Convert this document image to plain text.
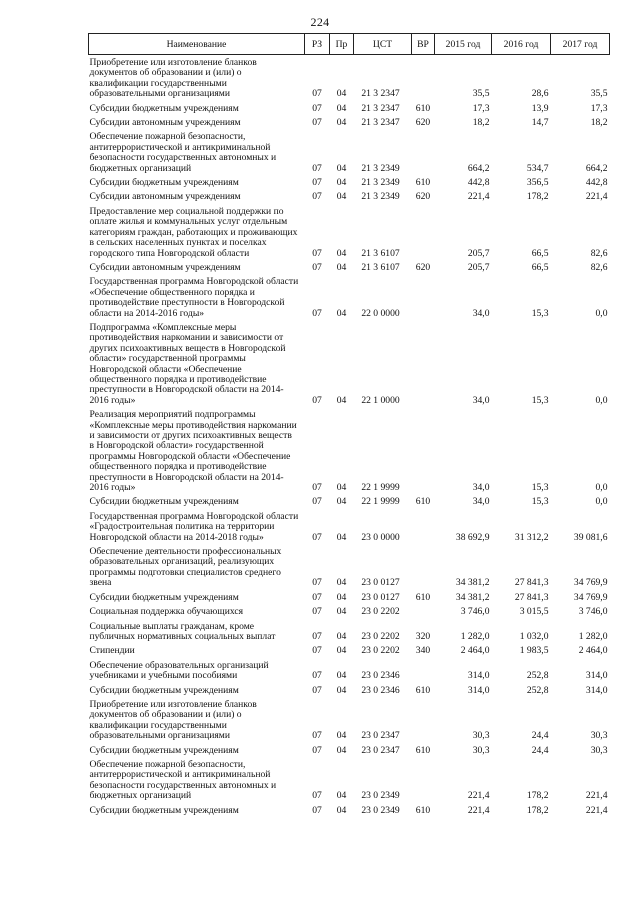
224
Наименование	РЗ	Пр	ЦСТ	ВР	2015 год	2016 год	2017 год
Приобретение или изготовление бланков документов об образовании и (или) о квалификации государственными образовательными организациями	07	04	21 3 2347		35,5	28,6	35,5
Субсидии бюджетным учреждениям	07	04	21 3 2347	610	17,3	13,9	17,3
Субсидии автономным учреждениям	07	04	21 3 2347	620	18,2	14,7	18,2
Обеспечение пожарной безопасности, антитеррористической и антикриминальной безопасности государственных автономных и бюджетных организаций	07	04	21 3 2349		664,2	534,7	664,2
Субсидии бюджетным учреждениям	07	04	21 3 2349	610	442,8	356,5	442,8
Субсидии автономным учреждениям	07	04	21 3 2349	620	221,4	178,2	221,4
Предоставление мер социальной поддержки по оплате жилья и коммунальных услуг отдельным категориям граждан, работающих и проживающих в сельских населенных пунктах и поселках городского типа Новгородской области	07	04	21 3 6107		205,7	66,5	82,6
Субсидии автономным учреждениям	07	04	21 3 6107	620	205,7	66,5	82,6
Государственная программа Новгородской области «Обеспечение общественного порядка и противодействие преступности в Новгородской области на 2014-2016 годы»	07	04	22 0 0000		34,0	15,3	0,0
Подпрограмма «Комплексные меры противодействия наркомании и зависимости от других психоактивных веществ в Новгородской области» государственной программы Новгородской области «Обеспечение общественного порядка и противодействие преступности в Новгородской области на 2014-2016 годы»	07	04	22 1 0000		34,0	15,3	0,0
Реализация мероприятий подпрограммы «Комплексные меры противодействия наркомании и зависимости от других психоактивных веществ в Новгородской области» государственной программы Новгородской области «Обеспечение общественного порядка и противодействие преступности в Новгородской области на 2014-2016 годы»	07	04	22 1 9999		34,0	15,3	0,0
Субсидии бюджетным учреждениям	07	04	22 1 9999	610	34,0	15,3	0,0
Государственная программа Новгородской области «Градостроительная политика на территории Новгородской области на 2014-2018 годы»	07	04	23 0 0000		38 692,9	31 312,2	39 081,6
Обеспечение деятельности профессиональных образовательных организаций, реализующих программы подготовки специалистов среднего звена	07	04	23 0 0127		34 381,2	27 841,3	34 769,9
Субсидии бюджетным учреждениям	07	04	23 0 0127	610	34 381,2	27 841,3	34 769,9
Социальная поддержка обучающихся	07	04	23 0 2202		3 746,0	3 015,5	3 746,0
Социальные выплаты гражданам, кроме публичных нормативных социальных выплат	07	04	23 0 2202	320	1 282,0	1 032,0	1 282,0
Стипендии	07	04	23 0 2202	340	2 464,0	1 983,5	2 464,0
Обеспечение образовательных организаций учебниками и учебными пособиями	07	04	23 0 2346		314,0	252,8	314,0
Субсидии бюджетным учреждениям	07	04	23 0 2346	610	314,0	252,8	314,0
Приобретение или изготовление бланков документов об образовании и (или) о квалификации государственными образовательными организациями	07	04	23 0 2347		30,3	24,4	30,3
Субсидии бюджетным учреждениям	07	04	23 0 2347	610	30,3	24,4	30,3
Обеспечение пожарной безопасности, антитеррористической и антикриминальной безопасности государственных автономных и бюджетных организаций	07	04	23 0 2349		221,4	178,2	221,4
Субсидии бюджетным учреждениям	07	04	23 0 2349	610	221,4	178,2	221,4
